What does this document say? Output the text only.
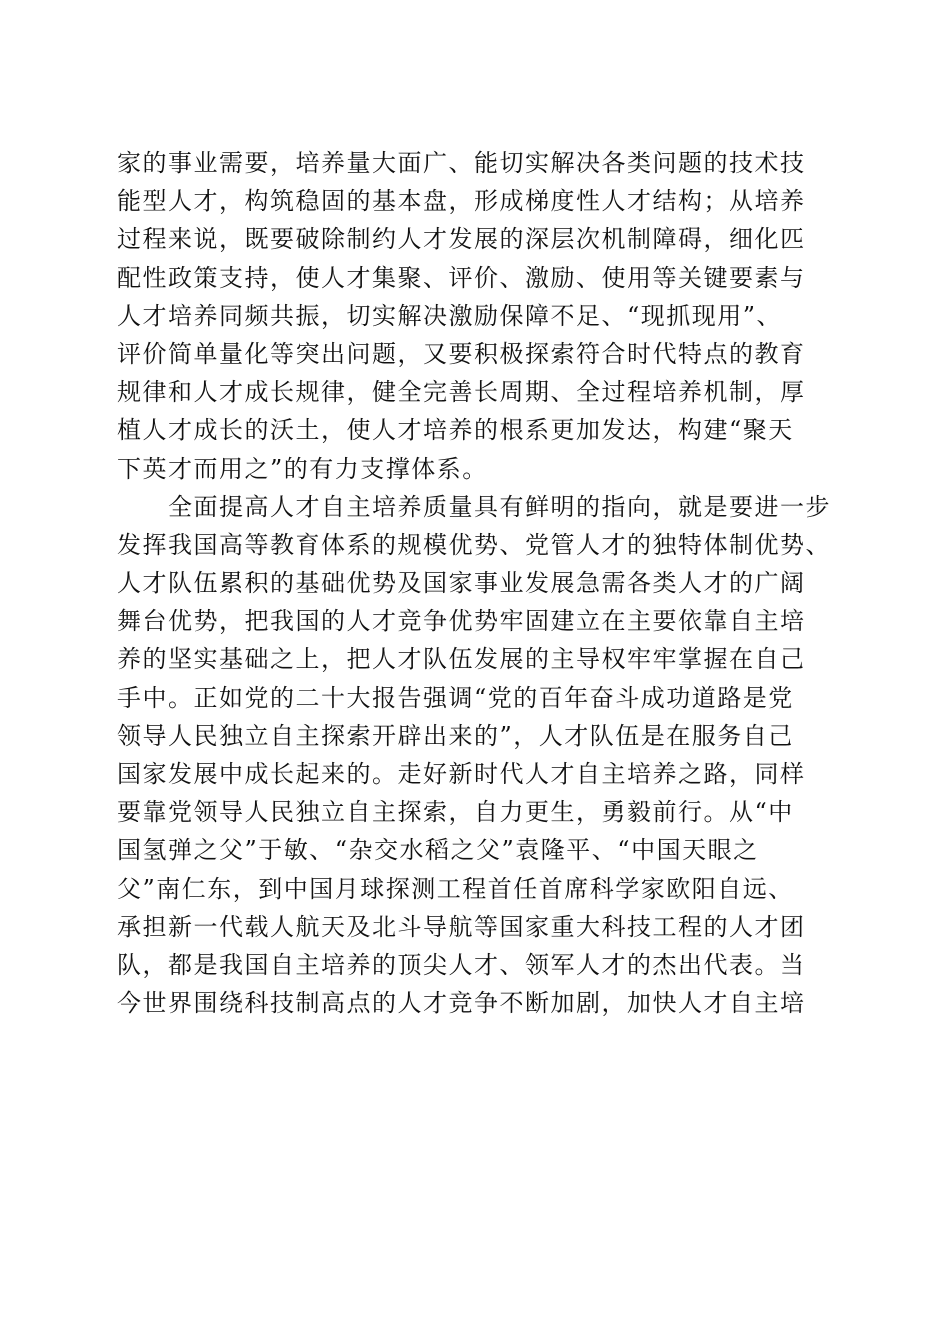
家的事业需要，培养量大面广、能切实解决各类问题的技术技
能型人才，构筑稳固的基本盘，形成梯度性人才结构；从培养
过程来说，既要破除制约人才发展的深层次机制障碍，细化匹
配性政策支持，使人才集聚、评价、激励、使用等关键要素与
人才培养同频共振，切实解决激励保障不足、“现抓现用”、
评价简单量化等突出问题，又要积极探索符合时代特点的教育
规律和人才成长规律，健全完善长周期、全过程培养机制，厚
植人才成长的沃土，使人才培养的根系更加发达，构建“聚天
下英才而用之”的有力支撑体系。
　　全面提高人才自主培养质量具有鲜明的指向，就是要进一步
发挥我国高等教育体系的规模优势、党管人才的独特体制优势、
人才队伍累积的基础优势及国家事业发展急需各类人才的广阔
舞台优势，把我国的人才竞争优势牢固建立在主要依靠自主培
养的坚实基础之上，把人才队伍发展的主导权牢牢掌握在自己
手中。正如党的二十大报告强调“党的百年奋斗成功道路是党
领导人民独立自主探索开辟出来的”，人才队伍是在服务自己
国家发展中成长起来的。走好新时代人才自主培养之路，同样
要靠党领导人民独立自主探索，自力更生，勇毅前行。从“中
国氢弹之父”于敏、“杂交水稻之父”袁隆平、“中国天眼之
父”南仁东，到中国月球探测工程首任首席科学家欧阳自远、
承担新一代载人航天及北斗导航等国家重大科技工程的人才团
队，都是我国自主培养的顶尖人才、领军人才的杰出代表。当
今世界围绕科技制高点的人才竞争不断加剧，加快人才自主培
